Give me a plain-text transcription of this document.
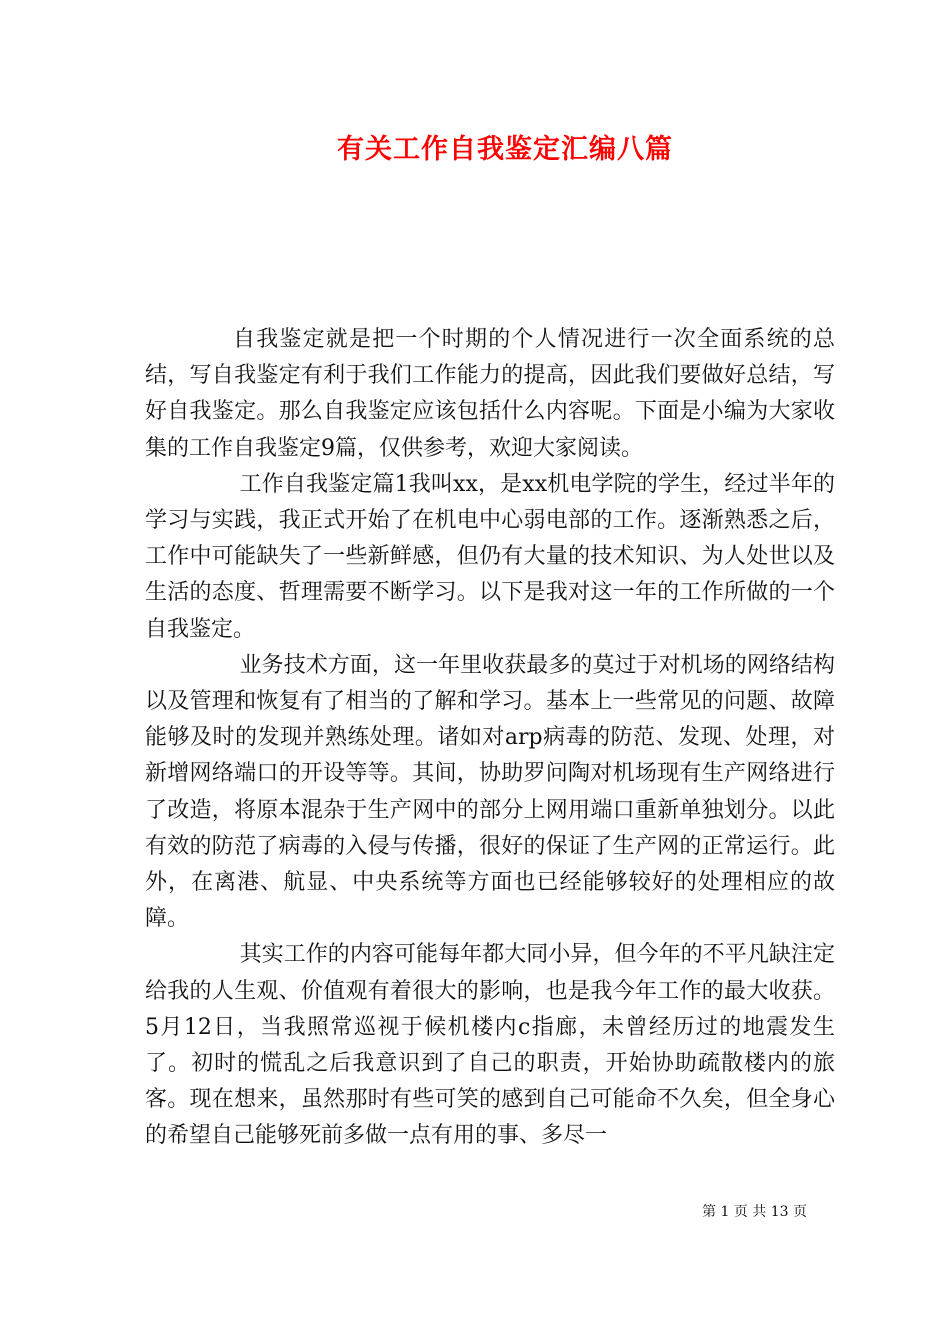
有关工作自我鉴定汇编八篇

自我鉴定就是把一个时期的个人情况进行一次全面系统的总结，写自我鉴定有利于我们工作能力的提高，因此我们要做好总结，写好自我鉴定。那么自我鉴定应该包括什么内容呢。下面是小编为大家收集的工作自我鉴定9篇，仅供参考，欢迎大家阅读。

工作自我鉴定篇1我叫xx，是xx机电学院的学生，经过半年的学习与实践，我正式开始了在机电中心弱电部的工作。逐渐熟悉之后，工作中可能缺失了一些新鲜感，但仍有大量的技术知识、为人处世以及生活的态度、哲理需要不断学习。以下是我对这一年的工作所做的一个自我鉴定。

业务技术方面，这一年里收获最多的莫过于对机场的网络结构以及管理和恢复有了相当的了解和学习。基本上一些常见的问题、故障能够及时的发现并熟练处理。诸如对arp病毒的防范、发现、处理，对新增网络端口的开设等等。其间，协助罗问陶对机场现有生产网络进行了改造，将原本混杂于生产网中的部分上网用端口重新单独划分。以此有效的防范了病毒的入侵与传播，很好的保证了生产网的正常运行。此外，在离港、航显、中央系统等方面也已经能够较好的处理相应的故障。

其实工作的内容可能每年都大同小异，但今年的不平凡缺注定给我的人生观、价值观有着很大的影响，也是我今年工作的最大收获。5月12日，当我照常巡视于候机楼内c指廊，未曾经历过的地震发生了。初时的慌乱之后我意识到了自己的职责，开始协助疏散楼内的旅客。现在想来，虽然那时有些可笑的感到自己可能命不久矣，但全身心的希望自己能够死前多做一点有用的事、多尽一

第 1 页 共 13 页
